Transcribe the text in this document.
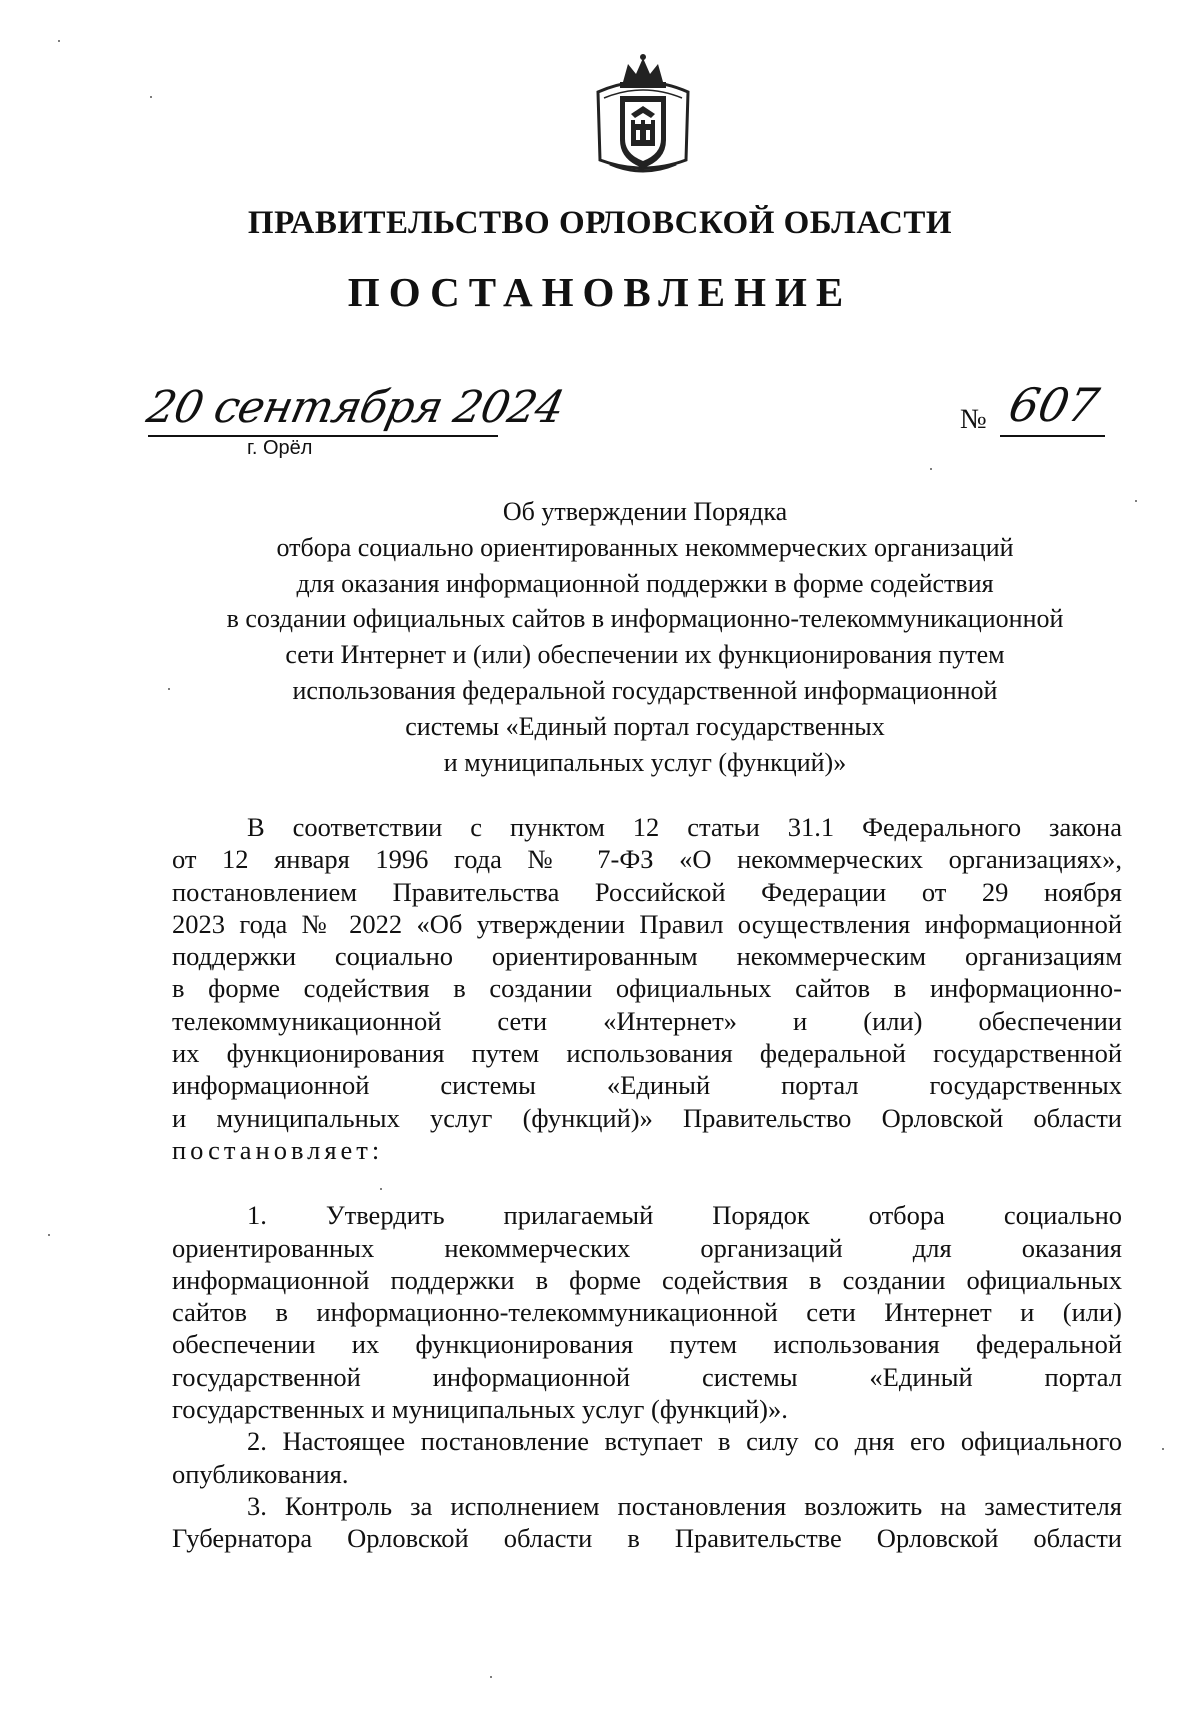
ПРАВИТЕЛЬСТВО ОРЛОВСКОЙ ОБЛАСТИ
ПОСТАНОВЛЕНИЕ
20 сентября 2024
г. Орёл
№ 607
Об утверждении Порядка
отбора социально ориентированных некоммерческих организаций
для оказания информационной поддержки в форме содействия
в создании официальных сайтов в информационно-телекоммуникационной
сети Интернет и (или) обеспечении их функционирования путем
использования федеральной государственной информационной
системы «Единый портал государственных
и муниципальных услуг (функций)»
В соответствии с пунктом 12 статьи 31.1 Федерального закона
от 12 января 1996 года № 7-ФЗ «О некоммерческих организациях»,
постановлением Правительства Российской Федерации от 29 ноября
2023 года № 2022 «Об утверждении Правил осуществления информационной
поддержки социально ориентированным некоммерческим организациям
в форме содействия в создании официальных сайтов в информационно-
телекоммуникационной сети «Интернет» и (или) обеспечении
их функционирования путем использования федеральной государственной
информационной системы «Единый портал государственных
и муниципальных услуг (функций)» Правительство Орловской области
постановляет:
1. Утвердить прилагаемый Порядок отбора социально
ориентированных некоммерческих организаций для оказания
информационной поддержки в форме содействия в создании официальных
сайтов в информационно-телекоммуникационной сети Интернет и (или)
обеспечении их функционирования путем использования федеральной
государственной информационной системы «Единый портал
государственных и муниципальных услуг (функций)».
2. Настоящее постановление вступает в силу со дня его официального
опубликования.
3. Контроль за исполнением постановления возложить на заместителя
Губернатора Орловской области в Правительстве Орловской области
